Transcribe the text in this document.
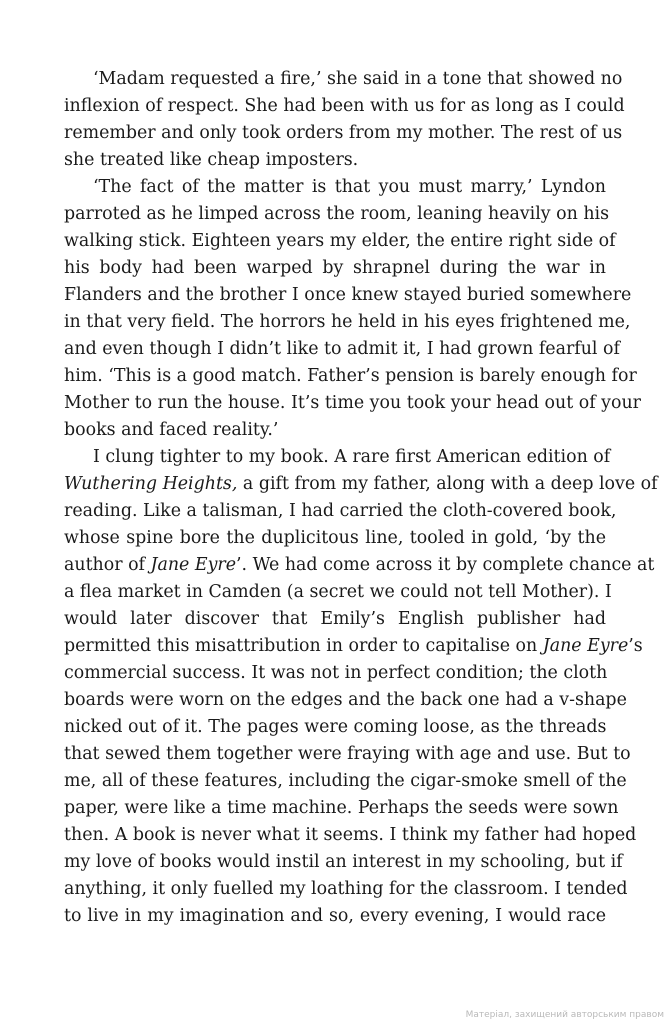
‘Madam requested a fire,’ she said in a tone that showed no
inflexion of respect. She had been with us for as long as I could
remember and only took orders from my mother. The rest of us
she treated like cheap imposters.
‘The fact of the matter is that you must marry,’ Lyndon
parroted as he limped across the room, leaning heavily on his
walking stick. Eighteen years my elder, the entire right side of
his body had been warped by shrapnel during the war in
Flanders and the brother I once knew stayed buried somewhere
in that very field. The horrors he held in his eyes frightened me,
and even though I didn’t like to admit it, I had grown fearful of
him. ‘This is a good match. Father’s pension is barely enough for
Mother to run the house. It’s time you took your head out of your
books and faced reality.’
I clung tighter to my book. A rare first American edition of
Wuthering Heights, a gift from my father, along with a deep love of
reading. Like a talisman, I had carried the cloth-covered book,
whose spine bore the duplicitous line, tooled in gold, ‘by the
author of Jane Eyre’. We had come across it by complete chance at
a flea market in Camden (a secret we could not tell Mother). I
would later discover that Emily’s English publisher had
permitted this misattribution in order to capitalise on Jane Eyre’s
commercial success. It was not in perfect condition; the cloth
boards were worn on the edges and the back one had a v-shape
nicked out of it. The pages were coming loose, as the threads
that sewed them together were fraying with age and use. But to
me, all of these features, including the cigar-smoke smell of the
paper, were like a time machine. Perhaps the seeds were sown
then. A book is never what it seems. I think my father had hoped
my love of books would instil an interest in my schooling, but if
anything, it only fuelled my loathing for the classroom. I tended
to live in my imagination and so, every evening, I would race
Матеріал, захищений авторським правом
